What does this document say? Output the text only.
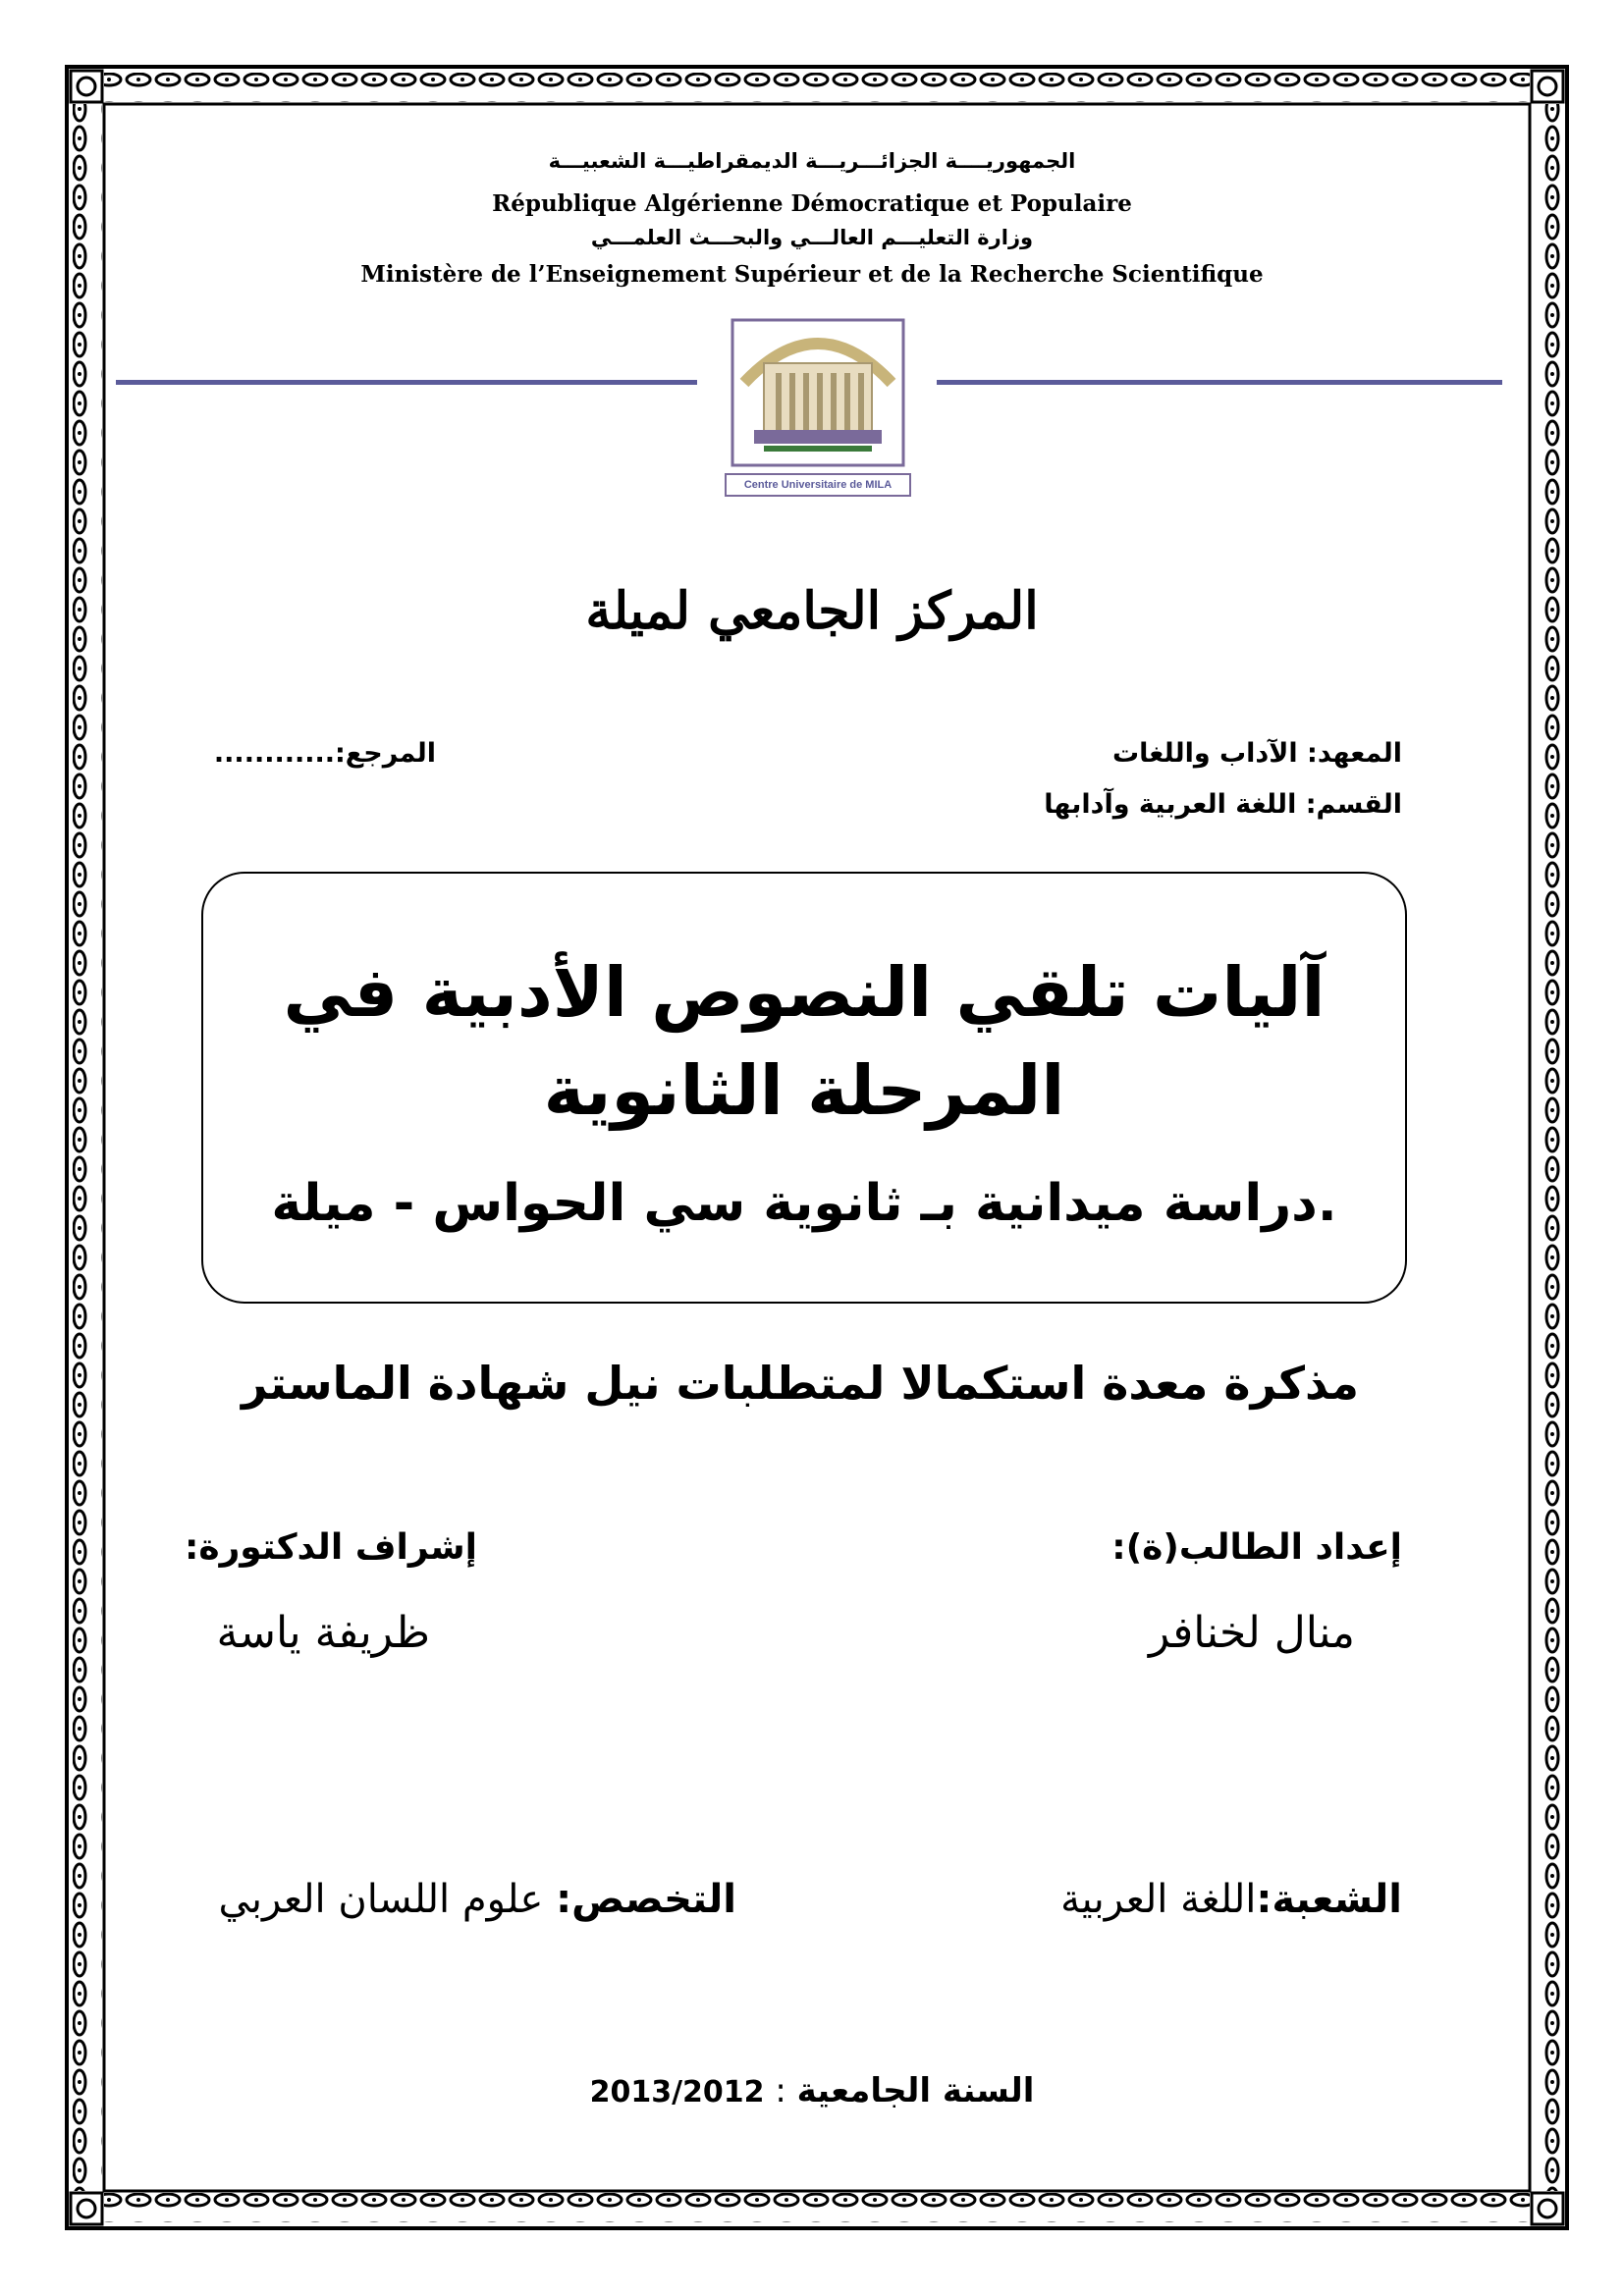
الجمهوريــــة الجزائـــريـــة الديمقراطيـــة الشعبيـــة
République Algérienne Démocratique et Populaire
وزارة التعليـــم العالـــي والبحـــث العلمـــي
Ministère de l’Enseignement Supérieur et de la Recherche Scientifique
Centre Universitaire de MILA
المركز الجامعي لميلة
المعهد: الآداب واللغات
القسم: اللغة العربية وآدابها
المرجع:............
آليات تلقي النصوص الأدبية في
المرحلة الثانوية
دراسة ميدانية بـ ثانوية سي الحواس - ميلة.
مذكرة معدة استكمالا لمتطلبات نيل شهادة الماستر
إعداد الطالب(ة):
منال لخنافر
إشراف الدكتورة:
ظريفة ياسة
الشعبة:اللغة العربية
التخصص: علوم اللسان العربي
السنة الجامعية : 2013/2012
